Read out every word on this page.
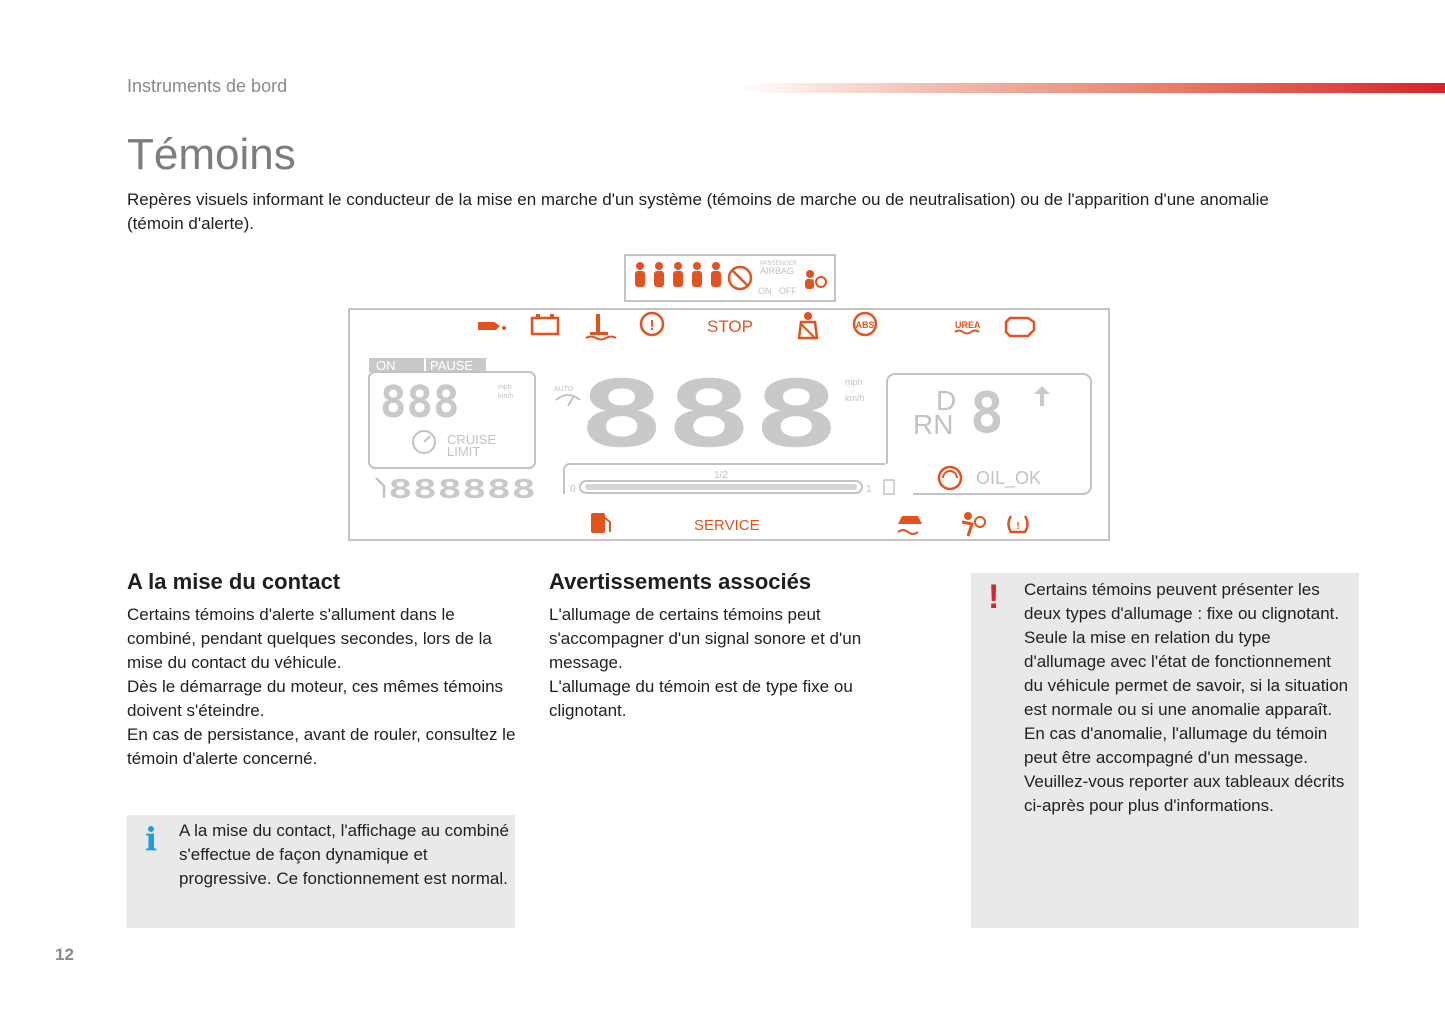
Instruments de bord
Témoins
Repères visuels informant le conducteur de la mise en marche d'un système (témoins de marche ou de neutralisation) ou de l'apparition d'une anomalie (témoin d'alerte).
PASSENGER
AIRBAG
ON OFF
!	STOP	ABS	UREA
ON	PAUSE
888	mph
km/h
CRUISE
LIMIT
AUTO 888 mph
km/h	D
RN 8
OIL_OK
888888	0
1/2
1
SERVICE	!
A la mise du contact
Certains témoins d'alerte s'allument dans le combiné, pendant quelques secondes, lors de la mise du contact du véhicule.
Dès le démarrage du moteur, ces mêmes témoins doivent s'éteindre.
En cas de persistance, avant de rouler, consultez le témoin d'alerte concerné.
Avertissements associés
L'allumage de certains témoins peut s'accompagner d'un signal sonore et d'un message.
L'allumage du témoin est de type fixe ou clignotant.
! Certains témoins peuvent présenter les deux types d'allumage : fixe ou clignotant.
Seule la mise en relation du type d'allumage avec l'état de fonctionnement du véhicule permet de savoir, si la situation est normale ou si une anomalie apparaît. En cas d'anomalie, l'allumage du témoin peut être accompagné d'un message.
Veuillez-vous reporter aux tableaux décrits ci-après pour plus d'informations.
i A la mise du contact, l'affichage au combiné s'effectue de façon dynamique et progressive. Ce fonctionnement est normal.
12
